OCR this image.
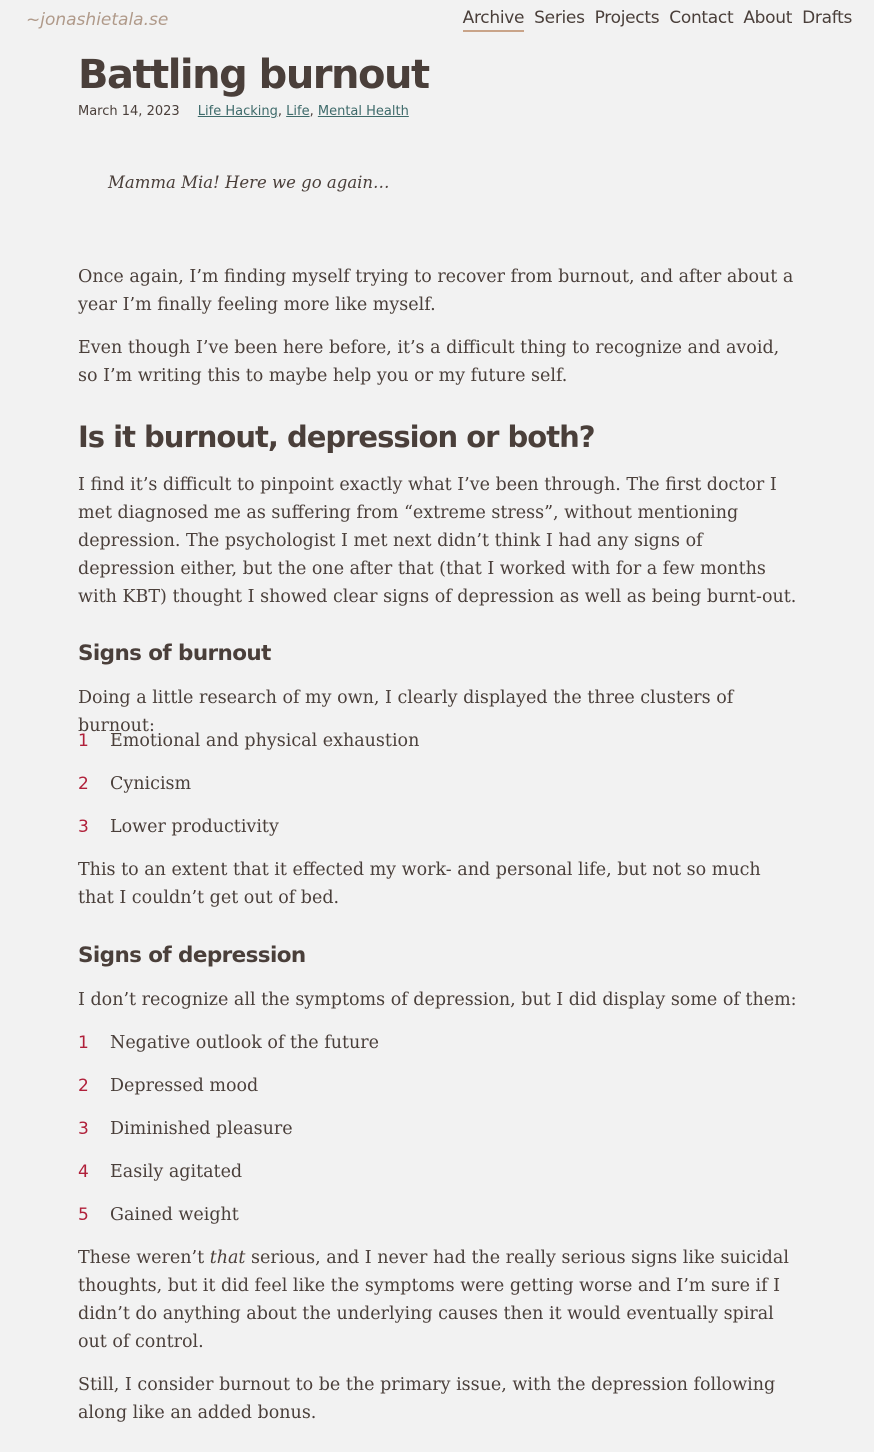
~jonashietala.se	Archive Series Projects Contact About Drafts
Battling burnout
March 14, 2023 Life Hacking, Life, Mental Health
Mamma Mia! Here we go again…

Once again, I’m finding myself trying to recover from burnout, and after about a year I’m finally feeling more like myself.

Even though I’ve been here before, it’s a difficult thing to recognize and avoid, so I’m writing this to maybe help you or my future self.

Is it burnout, depression or both?

I find it’s difficult to pinpoint exactly what I’ve been through. The first doctor I met diagnosed me as suffering from “extreme stress”, without mentioning depression. The psychologist I met next didn’t think I had any signs of depression either, but the one after that (that I worked with for a few months with KBT) thought I showed clear signs of depression as well as being burnt-out.

Signs of burnout

Doing a little research of my own, I clearly displayed the three clusters of burnout:

1 Emotional and physical exhaustion
2 Cynicism
3 Lower productivity

This to an extent that it effected my work- and personal life, but not so much that I couldn’t get out of bed.

Signs of depression

I don’t recognize all the symptoms of depression, but I did display some of them:

1 Negative outlook of the future
2 Depressed mood
3 Diminished pleasure
4 Easily agitated
5 Gained weight

These weren’t that serious, and I never had the really serious signs like suicidal thoughts, but it did feel like the symptoms were getting worse and I’m sure if I didn’t do anything about the underlying causes then it would eventually spiral out of control.

Still, I consider burnout to be the primary issue, with the depression following along like an added bonus.
